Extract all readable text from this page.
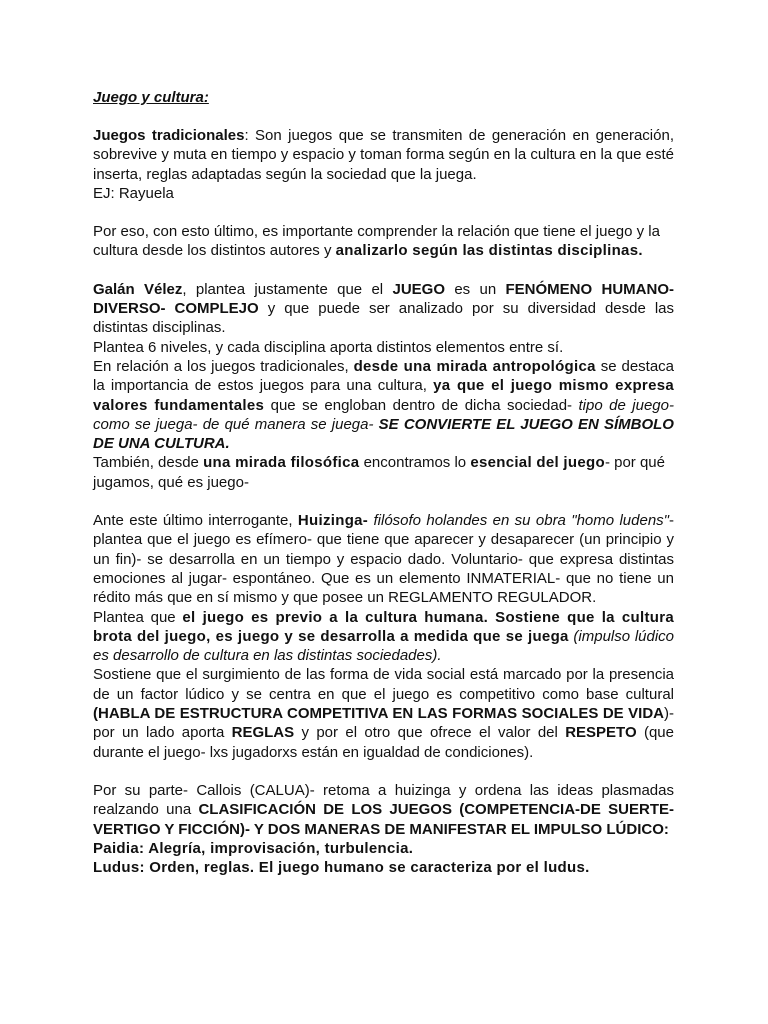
Juego y cultura:

Juegos tradicionales: Son juegos que se transmiten de generación en generación, sobrevive y muta en tiempo y espacio y toman forma según en la cultura en la que esté inserta, reglas adaptadas según la sociedad que la juega.

EJ: Rayuela

Por eso, con esto último, es importante comprender la relación que tiene el juego y la cultura desde los distintos autores y analizarlo según las distintas disciplinas.

Galán Vélez, plantea justamente que el JUEGO es un FENÓMENO HUMANO- DIVERSO- COMPLEJO y que puede ser analizado por su diversidad desde las distintas disciplinas.

Plantea 6 niveles, y cada disciplina aporta distintos elementos entre sí.

En relación a los juegos tradicionales, desde una mirada antropológica se destaca la importancia de estos juegos para una cultura, ya que el juego mismo expresa valores fundamentales que se engloban dentro de dicha sociedad- tipo de juego-como se juega- de qué manera se juega- SE CONVIERTE EL JUEGO EN SÍMBOLO DE UNA CULTURA.

También, desde una mirada filosófica encontramos lo esencial del juego- por qué jugamos, qué es juego-

Ante este último interrogante, Huizinga- filósofo holandes en su obra "homo ludens"- plantea que el juego es efímero- que tiene que aparecer y desaparecer (un principio y un fin)- se desarrolla en un tiempo y espacio dado. Voluntario- que expresa distintas emociones al jugar- espontáneo. Que es un elemento INMATERIAL- que no tiene un rédito más que en sí mismo y que posee un REGLAMENTO REGULADOR.

Plantea que el juego es previo a la cultura humana. Sostiene que la cultura brota del juego, es juego y se desarrolla a medida que se juega (impulso lúdico es desarrollo de cultura en las distintas sociedades).

Sostiene que el surgimiento de las forma de vida social está marcado por la presencia de un factor lúdico y se centra en que el juego es competitivo como base cultural (HABLA DE ESTRUCTURA COMPETITIVA EN LAS FORMAS SOCIALES DE VIDA)- por un lado aporta REGLAS y por el otro que ofrece el valor del RESPETO (que durante el juego- lxs jugadorxs están en igualdad de condiciones).

Por su parte- Callois (CALUA)- retoma a huizinga y ordena las ideas plasmadas realzando una CLASIFICACIÓN DE LOS JUEGOS (COMPETENCIA-DE SUERTE-VERTIGO Y FICCIÓN)- Y DOS MANERAS DE MANIFESTAR EL IMPULSO LÚDICO:

Paidia: Alegría, improvisación, turbulencia.

Ludus: Orden, reglas. El juego humano se caracteriza por el ludus.
